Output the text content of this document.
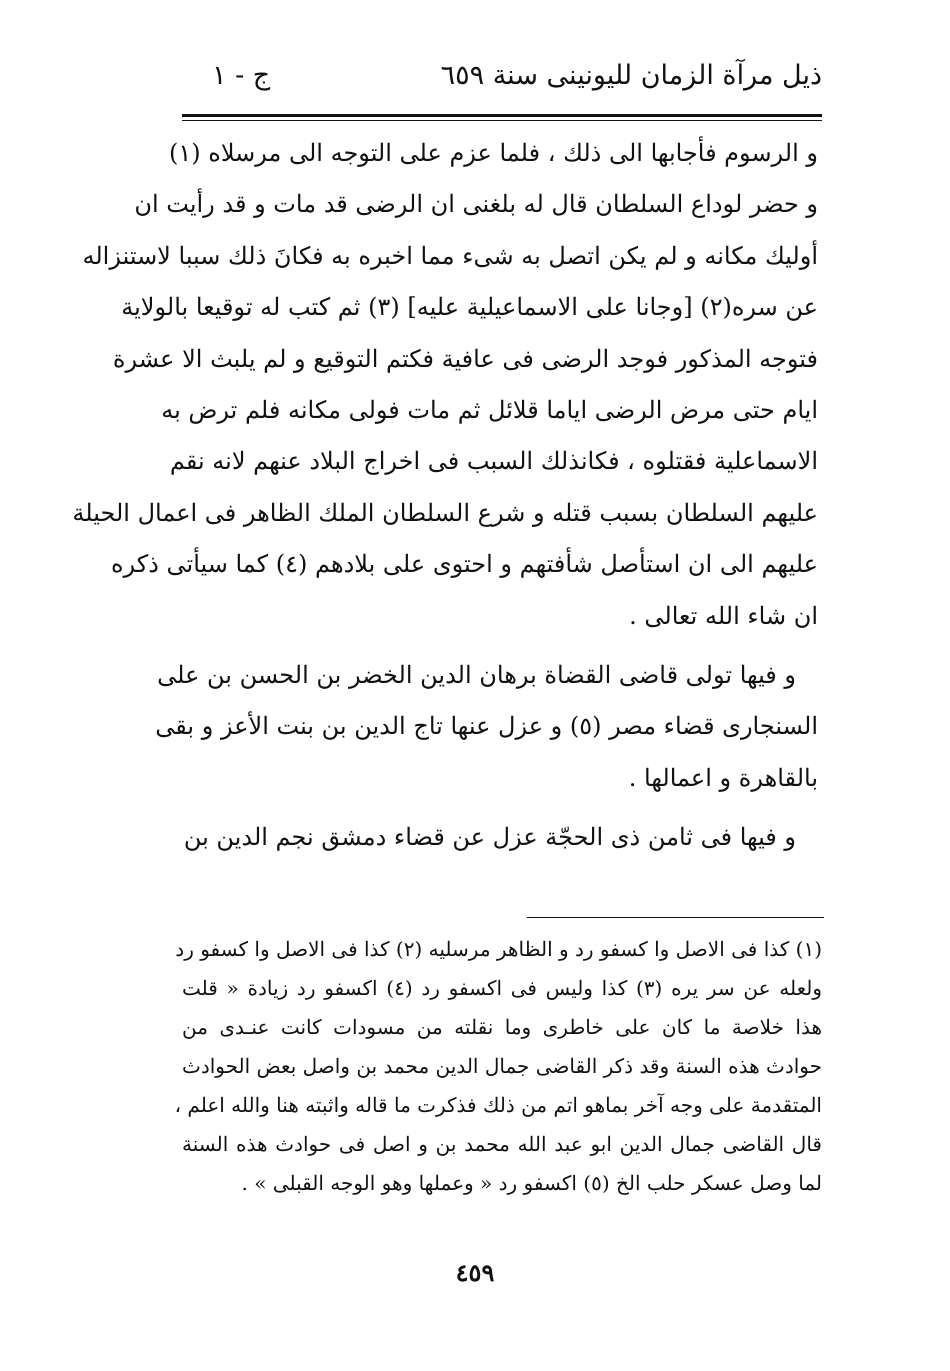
ذيل مرآة الزمان لليونينى سنة ٦٥٩
ج - ١
و الرسوم فأجابها الى ذلك ، فلما عزم على التوجه الى مرسلاه (١)
و حضر لوداع السلطان قال له بلغنى ان الرضى قد مات و قد رأيت ان
أوليك مكانه و لم يكن اتصل به شىء مما اخبره به فكانَ ذلك سببا لاستنزاله
عن سره(٢) [وجانا على الاسماعيلية عليه] (٣) ثم كتب له توقيعا بالولاية
فتوجه المذكور فوجد الرضى فى عافية فكتم التوقيع و لم يلبث الا عشرة
ايام حتى مرض الرضى اياما قلائل ثم مات فولى مكانه فلم ترض به
الاسماعلية فقتلوه ، فكانذلك السبب فى اخراج البلاد عنهم لانه نقم
عليهم السلطان بسبب قتله و شرع السلطان الملك الظاهر فى اعمال الحيلة
عليهم الى ان استأصل شأفتهم و احتوى على بلادهم (٤) كما سيأتى ذكره
ان شاء الله تعالى .
و فيها تولى قاضى القضاة برهان الدين الخضر بن الحسن بن على
السنجارى قضاء مصر (٥) و عزل عنها تاج الدين بن بنت الأعز و بقى
بالقاهرة و اعمالها .
و فيها فى ثامن ذى الحجّة عزل عن قضاء دمشق نجم الدين بن
(١) كذا فى الاصل وا كسفو رد و الظاهر مرسليه (٢) كذا فى الاصل وا كسفو رد
ولعله عن سر يره (٣) كذا وليس فى اكسفو رد (٤) اكسفو رد زيادة « قلت
هذا خلاصة ما كان على خاطرى وما نقلته من مسودات كانت عنـدى من
حوادث هذه السنة وقد ذكر القاضى جمال الدين محمد بن واصل بعض الحوادث
المتقدمة على وجه آخر بماهو اتم من ذلك فذكرت ما قاله واثبته هنا والله اعلم ،
قال القاضى جمال الدين ابو عبد الله محمد بن و اصل فى حوادث هذه السنة
لما وصل عسكر حلب الخ (٥) اكسفو رد « وعملها وهو الوجه القبلى » .
٤٥٩
